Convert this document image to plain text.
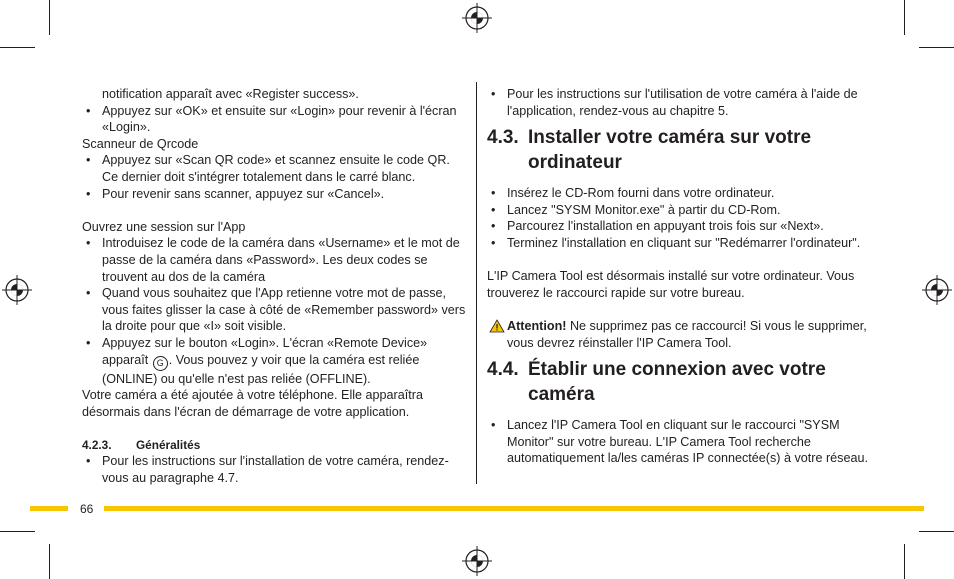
notification apparaît avec «Register success».

• Appuyez sur «OK» et ensuite sur «Login» pour revenir à l'écran «Login».

Scanneur de Qrcode

• Appuyez sur «Scan QR code» et scannez ensuite le code QR. Ce dernier doit s'intégrer totalement dans le carré blanc.

• Pour revenir sans scanner, appuyez sur «Cancel».

Ouvrez une session sur l'App

• Introduisez le code de la caméra dans «Username» et le mot de passe de la caméra dans «Password». Les deux codes se trouvent au dos de la caméra

• Quand vous souhaitez que l'App retienne votre mot de passe, vous faites glisser la case à côté de «Remember password» vers la droite pour que «I» soit visible.

• Appuyez sur le bouton «Login». L'écran «Remote Device» apparaît G . Vous pouvez y voir que la caméra est reliée (ONLINE) ou qu'elle n'est pas reliée (OFFLINE).

Votre caméra a été ajoutée à votre téléphone. Elle apparaîtra désormais dans l'écran de démarrage de votre application.

4.2.3. Généralités

• Pour les instructions sur l'installation de votre caméra, rendez-vous au paragraphe 4.7.

• Pour les instructions sur l'utilisation de votre caméra à l'aide de l'application, rendez-vous au chapitre 5.

4.3. Installer votre caméra sur votre ordinateur

• Insérez le CD-Rom fourni dans votre ordinateur.

• Lancez "SYSM Monitor.exe" à partir du CD-Rom.

• Parcourez l'installation en appuyant trois fois sur «Next».

• Terminez l'installation en cliquant sur "Redémarrer l'ordinateur".

L'IP Camera Tool est désormais installé sur votre ordinateur. Vous trouverez le raccourci rapide sur votre bureau.

Attention! Ne supprimez pas ce raccourci! Si vous le supprimer, vous devrez réinstaller l'IP Camera Tool.

4.4. Établir une connexion avec votre caméra

• Lancez l'IP Camera Tool en cliquant sur le raccourci "SYSM Monitor" sur votre bureau. L'IP Camera Tool recherche automatiquement la/les caméras IP connectée(s) à votre réseau.

66
